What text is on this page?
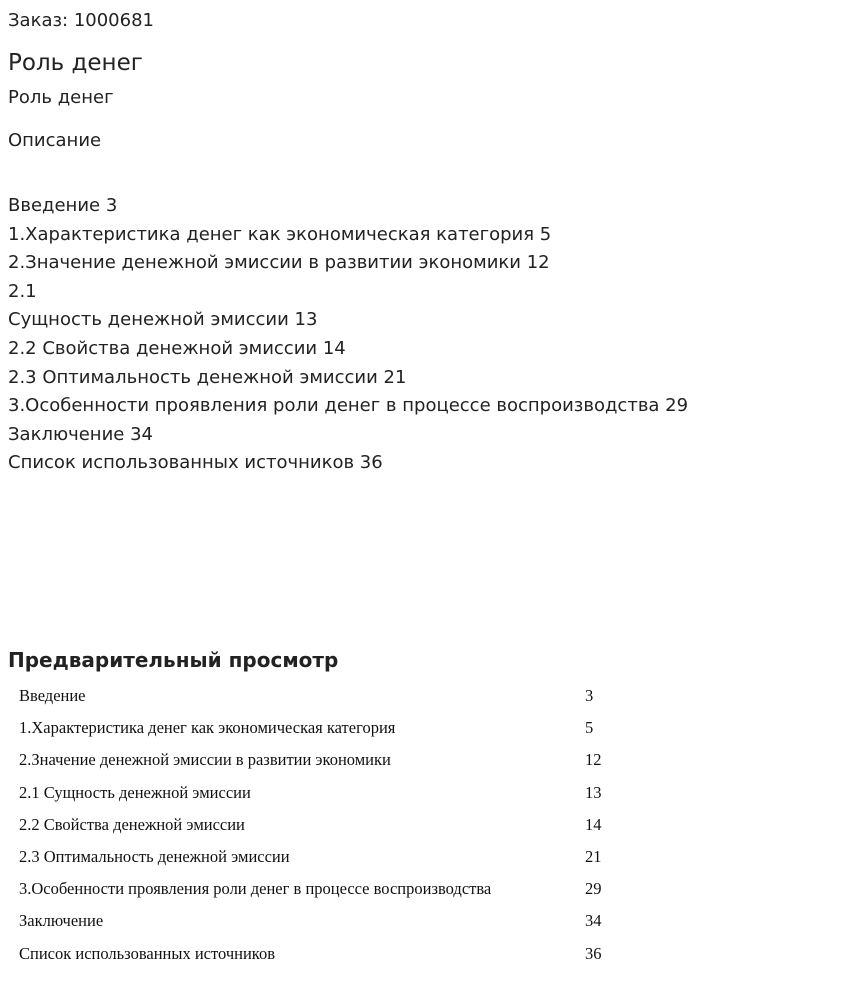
Заказ: 1000681
Роль денег
Роль денег
Описание
Введение 3
1.Характеристика денег как экономическая категория 5
2.Значение денежной эмиссии в развитии экономики 12
2.1
Сущность денежной эмиссии 13
2.2 Свойства денежной эмиссии 14
2.3 Оптимальность денежной эмиссии 21
3.Особенности проявления роли денег в процессе воспроизводства 29
Заключение 34
Список использованных источников 36
Предварительный просмотр
Введение	3
1.Характеристика денег как экономическая категория	5
2.Значение денежной эмиссии в развитии экономики	12
2.1 Сущность денежной эмиссии	13
2.2 Свойства денежной эмиссии	14
2.3 Оптимальность денежной эмиссии	21
3.Особенности проявления роли денег в процессе воспроизводства	29
Заключение	34
Список использованных источников	36
